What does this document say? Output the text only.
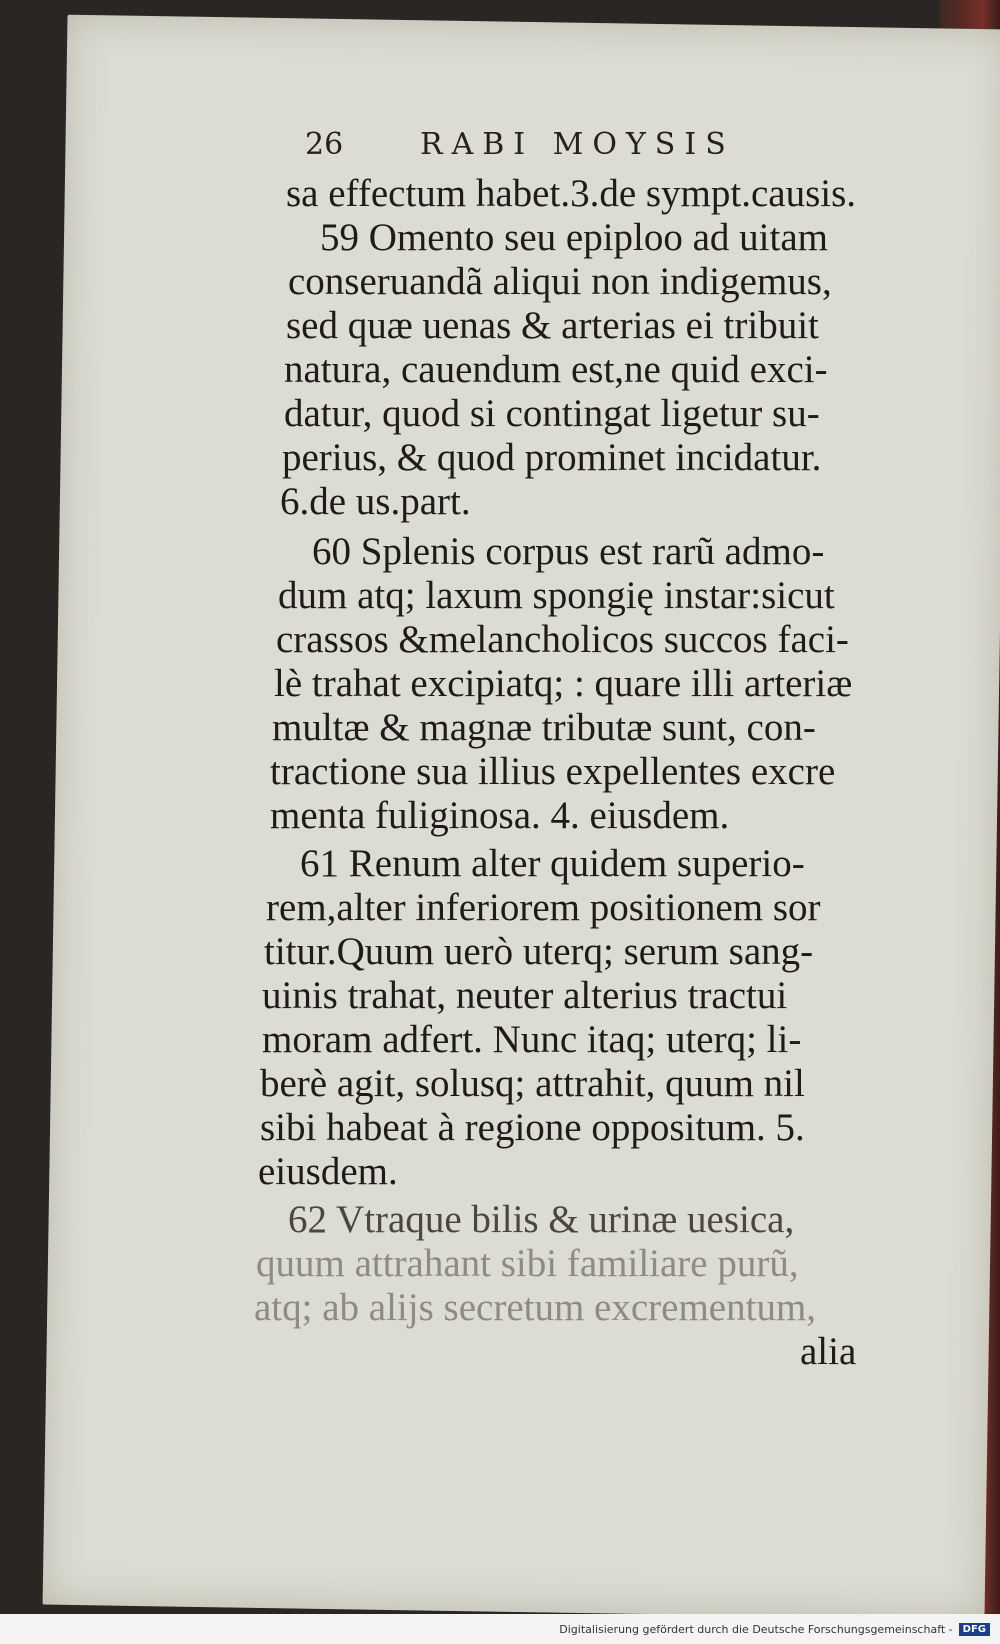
26	RABI MOYSIS
sa effectum habet.3.de sympt.causis.
59 Omento seu epiploo ad uitam
conseruandã aliqui non indigemus,
sed quæ uenas & arterias ei tribuit
natura, cauendum est,ne quid exci-
datur, quod si contingat ligetur su-
perius, & quod prominet incidatur.
6.de us.part.
60 Splenis corpus est rarũ admo-
dum atq; laxum spongię instar:sicut
crassos &melancholicos succos faci-
lè trahat excipiatq; : quare illi arteriæ
multæ & magnæ tributæ sunt, con-
tractione sua illius expellentes excre
menta fuliginosa. 4. eiusdem.
61 Renum alter quidem superio-
rem,alter inferiorem positionem sor
titur.Quum uerò uterq; serum sang-
uinis trahat, neuter alterius tractui
moram adfert. Nunc itaq; uterq; li-
berè agit, solusq; attrahit, quum nil
sibi habeat à regione oppositum. 5.
eiusdem.
62 Vtraque bilis & urinæ uesica,
quum attrahant sibi familiare purũ,
atq; ab alijs secretum excrementum,
alia
Digitalisierung gefördert durch die Deutsche Forschungsgemeinschaft -	DFG
